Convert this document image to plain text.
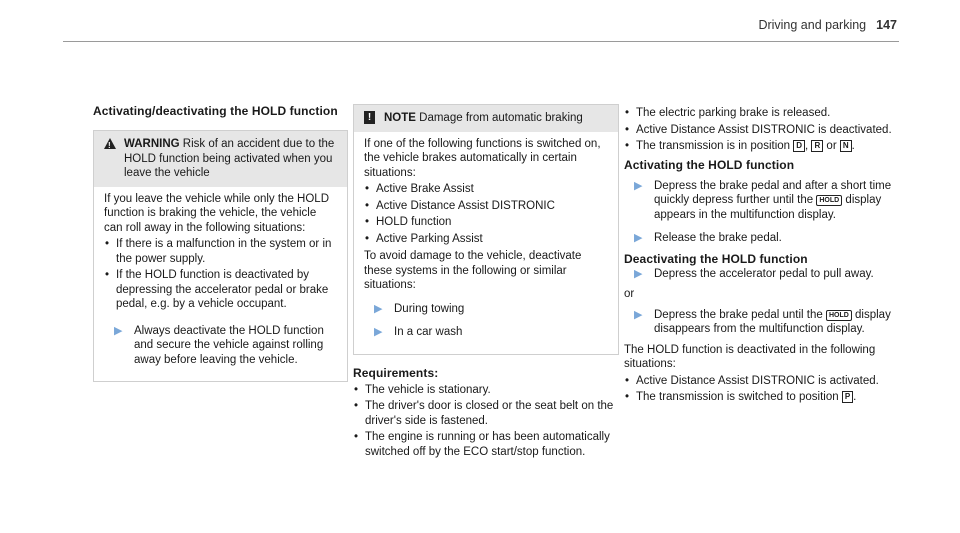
Driving and parking 147
Activating/deactivating the HOLD function
!
WARNING Risk of an accident due to the HOLD function being activated when you leave the vehicle

If you leave the vehicle while only the HOLD function is braking the vehicle, the vehicle can roll away in the following situations:

• If there is a malfunction in the system or in the power supply.
• If the HOLD function is deactivated by depressing the accelerator pedal or brake pedal, e.g. by a vehicle occupant.
▶ Always deactivate the HOLD function and secure the vehicle against rolling away before leaving the vehicle.
!	NOTE Damage from automatic braking

If one of the following functions is switched on, the vehicle brakes automatically in certain situations:

• Active Brake Assist
• Active Distance Assist DISTRONIC
• HOLD function
• Active Parking Assist

To avoid damage to the vehicle, deactivate these systems in the following or similar situations:

▶ During towing
▶ In a car wash
Requirements:
• The vehicle is stationary.
• The driver's door is closed or the seat belt on the driver's side is fastened.
• The engine is running or has been automatically switched off by the ECO start/stop function.
• The electric parking brake is released.
• Active Distance Assist DISTRONIC is deactivated.
• The transmission is in position D , R or N .
Activating the HOLD function
▶ Depress the brake pedal and after a short time quickly depress further until the HOLD display appears in the multifunction display.
▶ Release the brake pedal.
Deactivating the HOLD function
▶ Depress the accelerator pedal to pull away.

or

▶ Depress the brake pedal until the HOLD display disappears from the multifunction display.

The HOLD function is deactivated in the following situations:

• Active Distance Assist DISTRONIC is activated.
• The transmission is switched to position P .
